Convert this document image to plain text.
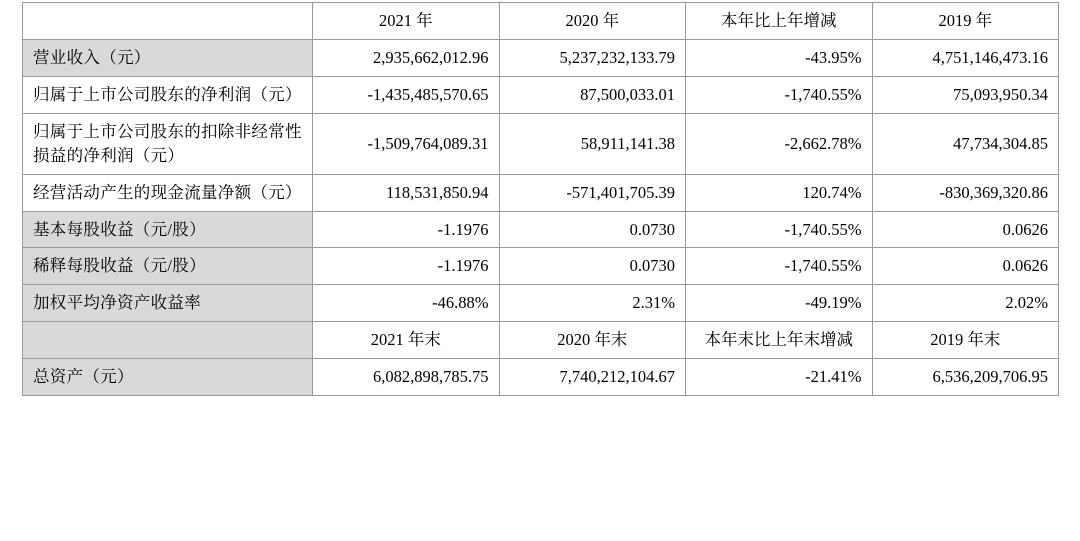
	2021 年	2020 年	本年比上年增减	2019 年
营业收入（元）	2,935,662,012.96	5,237,232,133.79	-43.95%	4,751,146,473.16
归属于上市公司股东的净利润（元）	-1,435,485,570.65	87,500,033.01	-1,740.55%	75,093,950.34
归属于上市公司股东的扣除非经常性损益的净利润（元）	-1,509,764,089.31	58,911,141.38	-2,662.78%	47,734,304.85
经营活动产生的现金流量净额（元）	118,531,850.94	-571,401,705.39	120.74%	-830,369,320.86
基本每股收益（元/股）	-1.1976	0.0730	-1,740.55%	0.0626
稀释每股收益（元/股）	-1.1976	0.0730	-1,740.55%	0.0626
加权平均净资产收益率	-46.88%	2.31%	-49.19%	2.02%
	2021 年末	2020 年末	本年末比上年末增减	2019 年末
总资产（元）	6,082,898,785.75	7,740,212,104.67	-21.41%	6,536,209,706.95
